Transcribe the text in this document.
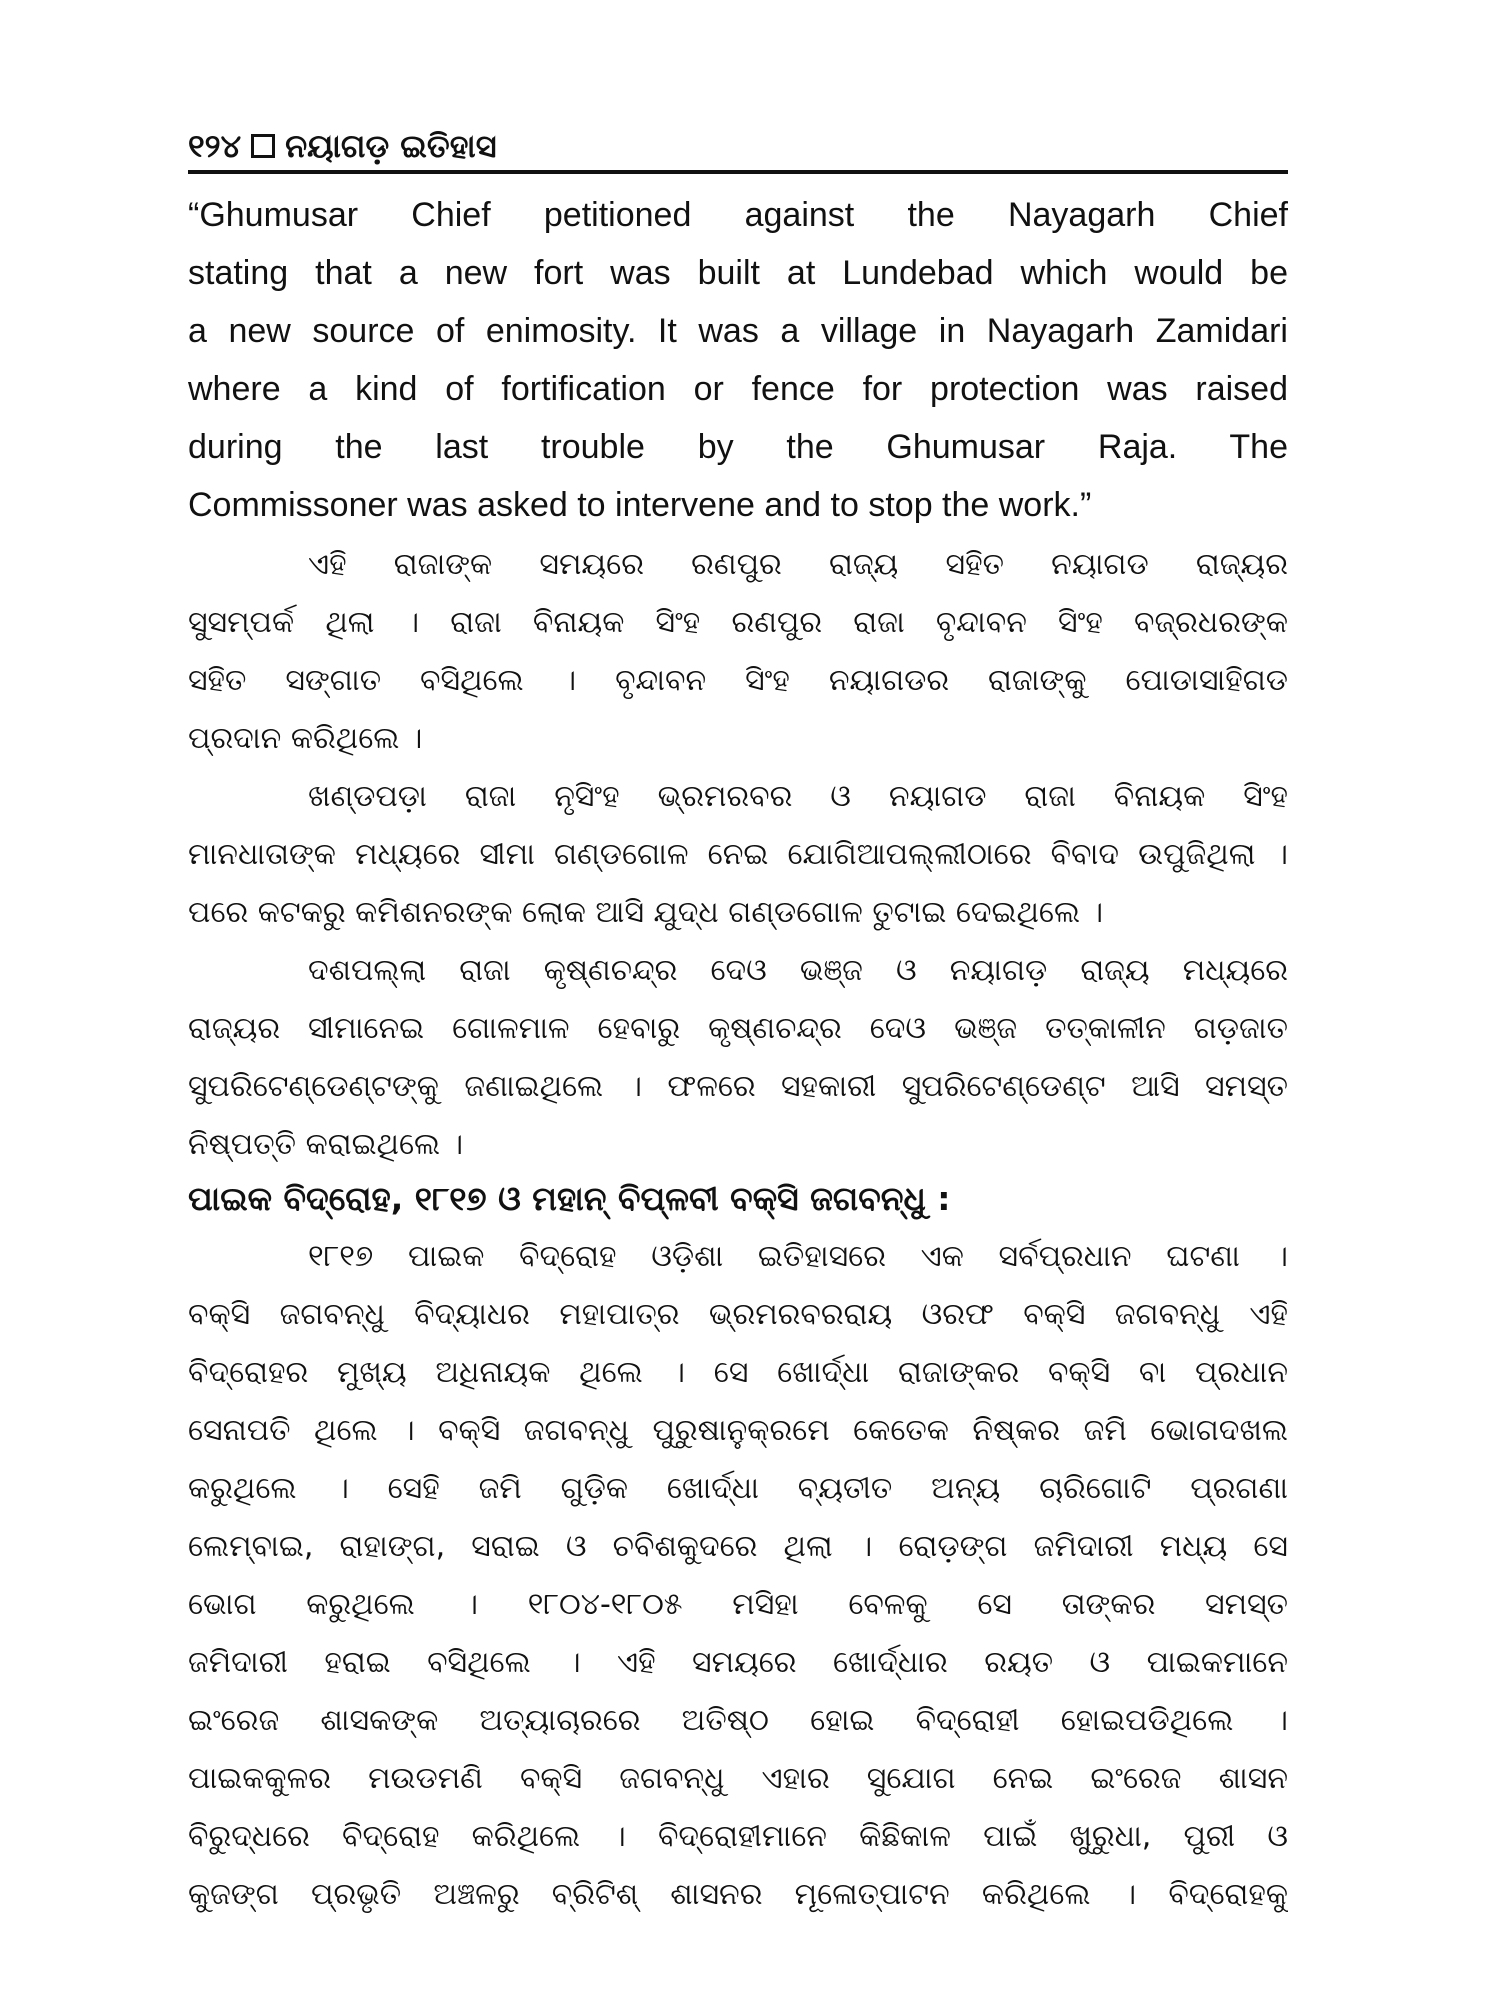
୧୨୪ ନୟାଗଡ଼ ଇତିହାସ
“Ghumusar Chief petitioned against the Nayagarh Chief
stating that a new fort was built at Lundebad which would be
a new source of enimosity. It was a village in Nayagarh Zamidari
where a kind of fortification or fence for protection was raised
during the last trouble by the Ghumusar Raja. The
Commissoner was asked to intervene and to stop the work.”
ଏହି ରାଜାଙ୍କ ସମୟରେ ରଣପୁର ରାଜ୍ୟ ସହିତ ନୟାଗଡ ରାଜ୍ୟର
ସୁସମ୍ପର୍କ ଥିଲା । ରାଜା ବିନାୟକ ସିଂହ ରଣପୁର ରାଜା ବୃନ୍ଦାବନ ସିଂହ ବଜ୍ରଧରଙ୍କ
ସହିତ ସଙ୍ଗାତ ବସିଥିଲେ । ବୃନ୍ଦାବନ ସିଂହ ନୟାଗଡର ରାଜାଙ୍କୁ ପୋଡାସାହିଗଡ
ପ୍ରଦାନ କରିଥିଲେ ।
ଖଣ୍ଡପଡ଼ା ରାଜା ନୃସିଂହ ଭ୍ରମରବର ଓ ନୟାଗଡ ରାଜା ବିନାୟକ ସିଂହ
ମାନଧାତାଙ୍କ ମଧ୍ୟରେ ସୀମା ଗଣ୍ଡଗୋଳ ନେଇ ଯୋଗିଆପଲ୍ଲୀଠାରେ ବିବାଦ ଉପୁଜିଥିଲା ।
ପରେ କଟକରୁ କମିଶନରଙ୍କ ଲୋକ ଆସି ଯୁଦ୍ଧ ଗଣ୍ଡଗୋଳ ତୁଟାଇ ଦେଇଥିଲେ ।
ଦଶପଲ୍ଲା ରାଜା କୃଷ୍ଣଚନ୍ଦ୍ର ଦେଓ ଭଞ୍ଜ ଓ ନୟାଗଡ଼ ରାଜ୍ୟ ମଧ୍ୟରେ
ରାଜ୍ୟର ସୀମାନେଇ ଗୋଳମାଳ ହେବାରୁ କୃଷ୍ଣଚନ୍ଦ୍ର ଦେଓ ଭଞ୍ଜ ତତ୍କାଳୀନ ଗଡ଼ଜାତ
ସୁପରିଟେଣ୍ଡେଣ୍ଟଙ୍କୁ ଜଣାଇଥିଲେ । ଫଳରେ ସହକାରୀ ସୁପରିଟେଣ୍ଡେଣ୍ଟ ଆସି ସମସ୍ତ
ନିଷ୍ପତ୍ତି କରାଇଥିଲେ ।
ପାଇକ ବିଦ୍ରୋହ, ୧୮୧୭ ଓ ମହାନ୍ ବିପ୍ଳବୀ ବକ୍ସି ଜଗବନ୍ଧୁ :
୧୮୧୭ ପାଇକ ବିଦ୍ରୋହ ଓଡ଼ିଶା ଇତିହାସରେ ଏକ ସର୍ବପ୍ରଧାନ ଘଟଣା ।
ବକ୍ସି ଜଗବନ୍ଧୁ ବିଦ୍ୟାଧର ମହାପାତ୍ର ଭ୍ରମରବରରାୟ ଓରଫ ବକ୍ସି ଜଗବନ୍ଧୁ ଏହି
ବିଦ୍ରୋହର ମୁଖ୍ୟ ଅଧିନାୟକ ଥିଲେ । ସେ ଖୋର୍ଦ୍ଧା ରାଜାଙ୍କର ବକ୍ସି ବା ପ୍ରଧାନ
ସେନାପତି ଥିଲେ । ବକ୍ସି ଜଗବନ୍ଧୁ ପୁରୁଷାନୁକ୍ରମେ କେତେକ ନିଷ୍କର ଜମି ଭୋଗଦଖଲ
କରୁଥିଲେ । ସେହି ଜମି ଗୁଡ଼ିକ ଖୋର୍ଦ୍ଧା ବ୍ୟତୀତ ଅନ୍ୟ ଚାରିଗୋଟି ପ୍ରଗଣା
ଲେମ୍ବାଇ, ରାହାଙ୍ଗ, ସରାଇ ଓ ଚବିଶକୁଦରେ ଥିଲା । ରୋଡ଼ଙ୍ଗ ଜମିଦାରୀ ମଧ୍ୟ ସେ
ଭୋଗ କରୁଥିଲେ । ୧୮୦୪-୧୮୦୫ ମସିହା ବେଳକୁ ସେ ତାଙ୍କର ସମସ୍ତ
ଜମିଦାରୀ ହରାଇ ବସିଥିଲେ । ଏହି ସମୟରେ ଖୋର୍ଦ୍ଧାର ରୟତ ଓ ପାଇକମାନେ
ଇଂରେଜ ଶାସକଙ୍କ ଅତ୍ୟାଚାରରେ ଅତିଷ୍ଠ ହୋଇ ବିଦ୍ରୋହୀ ହୋଇପଡିଥିଲେ ।
ପାଇକକୁଳର ମଉଡମଣି ବକ୍ସି ଜଗବନ୍ଧୁ ଏହାର ସୁଯୋଗ ନେଇ ଇଂରେଜ ଶାସନ
ବିରୁଦ୍ଧରେ ବିଦ୍ରୋହ କରିଥିଲେ । ବିଦ୍ରୋହୀମାନେ କିଛିକାଳ ପାଇଁ ଖୁରୁଧା, ପୁରୀ ଓ
କୁଜଙ୍ଗ ପ୍ରଭୃତି ଅଞ୍ଚଳରୁ ବ୍ରିଟିଶ୍ ଶାସନର ମୂଳୋତ୍ପାଟନ କରିଥିଲେ । ବିଦ୍ରୋହକୁ
